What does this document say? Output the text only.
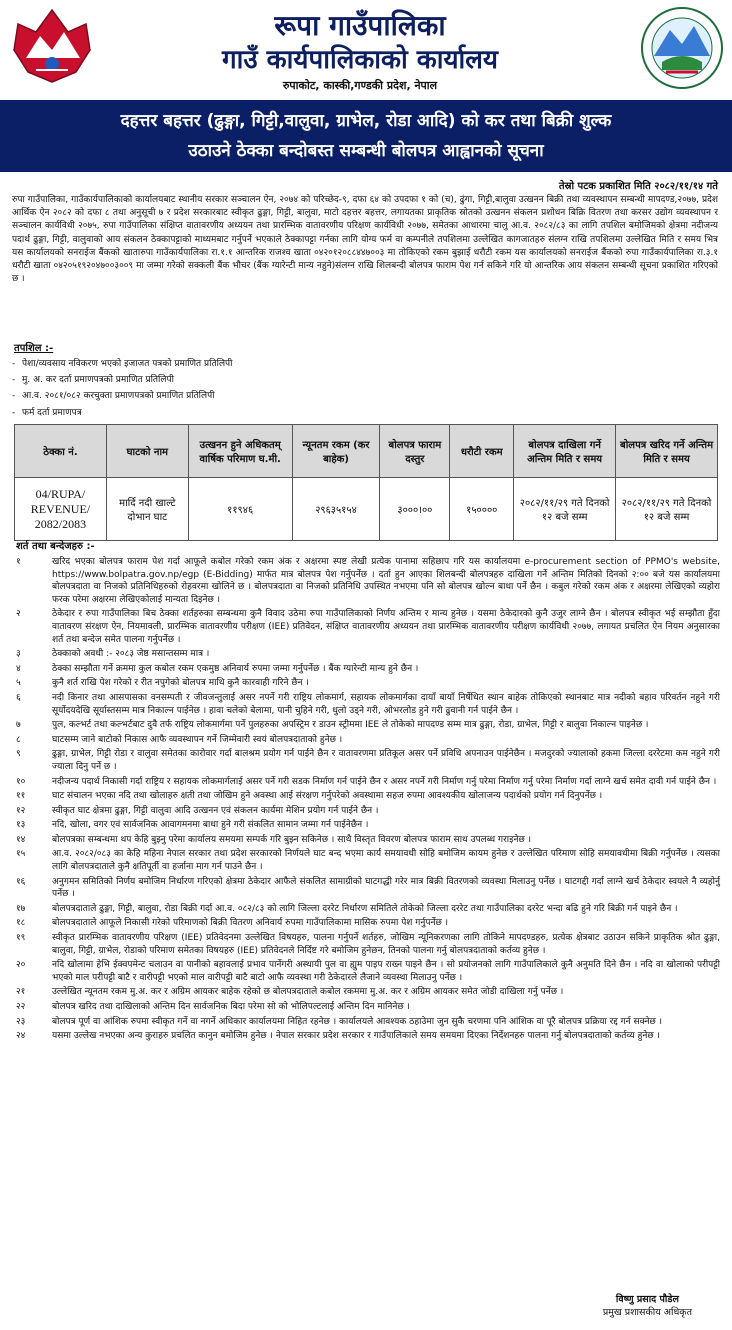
रूपा गाउँपालिका
गाउँ कार्यपालिकाको कार्यालय
रुपाकोट, कास्की,गण्डकी प्रदेश, नेपाल
दहत्तर बहत्तर (ढुङ्गा, गिट्टी,वालुवा, ग्राभेल, रोडा आदि) को कर तथा बिक्री शुल्क
उठाउने ठेक्का बन्दोबस्त सम्बन्धी बोलपत्र आह्वानको सूचना
तेस्रो पटक प्रकाशित मिति २०८२/११/१४ गते
रुपा गाउँपालिका, गाउँकार्यपालिकाको कार्यालयबाट स्थानीय सरकार सञ्चालन ऐन, २०७४ को परिच्छेद-९, दफा ६४ को उपदफा १ को (च), ढुंगा, गिट्टी,बालुवा उत्खनन बिक्री तथा व्यवस्थापन सम्बन्धी मापदण्ड,२०७७, प्रदेश आर्थिक ऐन २०८२ को दफा ८ तथा अनुसूची ७ र प्रदेश सरकारबाट स्वीकृत ढुङ्गा, गिट्टी, बालुवा, माटो दहत्तर बहत्तर, लगायतका प्राकृतिक स्रोतको उत्खनन संकलन प्रशोधन बिक्रि वितरण तथा करसर उद्योग व्यवस्थापन र सञ्चालन कार्यविधी २०७५, रुपा गाउँपालिका संक्षिप्त वातावरणीय अध्ययन तथा प्रारम्भिक वातावरणीय परिक्षण कार्यविधी २०७७, समेतका आधारमा चालु आ.व. २०८२/८३ का लागि तपशिल बमोजिमको क्षेत्रमा नदीजन्य पदार्थ ढुङ्गा, गिट्टी, वालुवाको आय संकलन ठेक्कापट्टाको माध्यमबाट गर्नुपर्ने भएकाले ठेक्कापट्टा गर्नका लागि योग्य फर्म वा कम्पनीले तपशिलमा उल्लेखित कागजातहरु संलग्न राखि तपशिलमा उल्लेखित मिति र समय भित्र यस कार्यालयको सनराईज बैंकको खातारुपा गाउँकार्यपालिका रा.१.१ आन्तरिक राजश्व खाता ०४२०१२०८८४४७००३ मा तोकिएको रकम बुझाई धरौटी रकम यस कार्यालयको सनराईज बैंकको रुपा गाउँकार्यपालिका रा.३.१ धरौटी खाता ०४२०५१९२०४७००३००९ मा जम्मा गरेको सक्कली बैंक भौचर (बैंक ग्यारेन्टी मान्य नहुने)संलग्न राखि शिलबन्दी बोलपत्र फाराम पेश गर्न सकिने गरि यो आन्तरिक आय संकलन सम्बन्धी सूचना प्रकाशित गरिएको छ ।
तपशिल :-
- पेशा/व्यवसाय नविकरण भएको इजाजत पत्रको प्रमाणित प्रतिलिपी
- मु. अ. कर दर्ता प्रमाणपत्रको प्रमाणित प्रतिलिपी
- आ.व. २०८१/०८२ करचुक्ता प्रमाणपत्रको प्रमाणित प्रतिलिपी
- फर्म दर्ता प्रमाणपत्र
ठेक्का नं.	घाटको नाम	उत्खनन हुने अधिकतम् वार्षिक परिमाण घ.मी.	न्यूनतम रकम (कर बाहेक)	बोलपत्र फाराम दस्तुर	धरौटी रकम	बोलपत्र दाखिला गर्ने अन्तिम मिति र समय	बोलपत्र खरिद गर्ने अन्तिम मिति र समय
04/RUPA/ REVENUE/ 2082/2083	मार्दि नदी खाल्टे दोभान घाट	११९४६	२९६३५१५४	३०००।००	१५००००	२०८२/११/२९ गते दिनको १२ बजे सम्म	२०८२/११/२९ गते दिनको १२ बजे सम्म
शर्त तथा बन्देजहरु :-
१	खरिद भएका बोलपत्र फाराम पेश गर्दा आफूले कबोल गरेको रकम अंक र अक्षरमा स्पष्ट लेखी प्रत्येक पानामा सहिछाप गरि यस कार्यालयमा e-procurement section of PPMO's website, https://www.bolpatra.gov.np/egp (E-Bidding) मार्फत मात्र बोलपत्र पेश गर्नुपर्नेछ । दर्ता हुन आएका शिलबन्दी बोलपत्रहरु दाखिला गर्ने अन्तिम मितिको दिनको २:०० बजे यस कार्यालयमा बोलपत्रदाता वा निजको प्रतिनिधिहरुको रोहवरमा खोलिने छ । बोलपत्रदाता वा निजको प्रतिनिधि उपस्थित नभएमा पनि सो बोलपत्र खोल्न बाधा पर्ने छैन । कबुल गरेको रकम अंक र अक्षरमा लेखिएको व्यहोरा फरक परेमा अक्षरमा लेखिएकोलाई मान्यता दिइनेछ ।
२	ठेकेदार र रुपा गाउँपालिका बिच ठेक्का शर्तहरुका सम्बन्धमा कुनै विवाद उठेमा रुपा गाउँपालिकाको निर्णय अन्तिम र मान्य हुनेछ । यसमा ठेकेदारको कुनै उजुर लाग्ने छैन । बोलपत्र स्वीकृत भई सम्झौता हुँदा वातावरण संरक्षण ऐन, नियमावली, प्रारम्भिक वातावरणीय परीक्षण (IEE) प्रतिवेदन, संक्षिप्त वातावरणीय अध्ययन तथा प्रारम्भिक वातावरणीय परीक्षण कार्यविधी २०७७, लगायत प्रचलित ऐन नियम अनुसारका शर्त तथा बन्देज समेत पालना गर्नुपर्नेछ ।
३	ठेक्काको अवधी :- २०८३ जेष्ठ मसान्तसम्म मात्र ।
४	ठेक्का सम्झौता गर्ने क्रममा कुल कबोल रकम एकमुष्ठ अनिवार्य रुपमा जम्मा गर्नुपर्नेछ । बैंक ग्यारेन्टी मान्य हुने छैन ।
५	कुनै शर्त राखि पेश गरेको र रीत नपुगेको बोलपत्र माथि कुनै कारवाही गरिने छैन ।
६	नदी किनार तथा आसपासका वनसम्पती र जीवजन्तुलाई असर नपर्ने गरी राष्ट्रिय लोकमार्ग, सहायक लोकमार्गका दायाँ बायाँ निर्षेधित स्थान बाहेक तोकिएको स्थानबाट मात्र नदीको बहाव परिवर्तन नहुने गरी सूर्योदयदेखि सूर्यास्तसम्म मात्र निकाल्न पाईनेछ । हावा चलेको बेलामा, पानी चुहिने गरी, धुलो उड्ने गरी, ओभरलोड हुने गरी ढुवानी गर्न पाईने छैन ।
७	पुल, कल्भर्ट तथा कल्भर्टबाट दुवै तर्फ राष्ट्रिय लोकमार्गमा पर्ने पुलहरुका अपस्ट्रिम र डाउन स्ट्रीममा IEE ले तोकेको मापदण्ड सम्म मात्र ढुङ्गा, रोडा, ग्राभेल, गिट्टी र बालुवा निकाल्न पाइनेछ ।
८	घाटसम्म जाने बाटोको निकास आफै व्यवस्थापन गर्ने जिम्मेवारी स्वयं बोलपत्रदाताको हुनेछ ।
९	ढुङ्गा, ग्राभेल, गिट्टी रोडा र वालुवा समेतका कारोवार गर्दा बालश्रम प्रयोग गर्न पाईने छैन र वातावरणमा प्रतिकूल असर पर्ने प्रविधि अपनाउन पाईनेछैन । मजदुरको ज्यालाको हकमा जिल्ला दररेटमा कम नहुने गरी ज्याला दिनु पर्ने छ ।
१०	नदीजन्य पदार्थ निकासी गर्दा राष्ट्रिय र सहायक लोकमार्गलाई असर पर्ने गरी सडक निर्माण गर्न पाईने छैन र असर नपर्ने गरी निर्माण गर्नु परेमा निर्माण गर्नु परेमा निर्माण गर्दा लाग्ने खर्च समेत दावी गर्न पाईने छैन ।
११	घाट संचालन भएका नदि तथा खोलाहरु क्षती तथा जोखिम हुने अवस्था आई संरक्षण गर्नुपरेको अवस्थामा सहज रुपमा आवश्यकीय खोलाजन्य पदार्थको प्रयोग गर्न दिनुपर्नेछ ।
१२	स्वीकृत घाट क्षेत्रमा ढुङ्गा, गिट्टी वालुवा आदि उत्खनन एवं संकलन कार्यमा मेशिन प्रयोग गर्न पाईने छैन ।
१३	नदि, खोला, वगर एवं सार्वजनिक आवागमनमा बाधा हुने गरी संकलित सामान जम्मा गर्न पाईनेछैन ।
१४	बोलपत्रका सम्बन्धमा थप केहि बुझ्नु परेमा कार्यालय समयमा सम्पर्क गरि बुझ्न सकिनेछ । साथै विस्तृत विवरण बोलपत्र फाराम साथ उपलब्ध गराइनेछ ।
१५	आ.व. २०८२/०८३ का केहि महिना नेपाल सरकार तथा प्रदेश सरकारको निर्णयले घाट बन्द भएमा कार्य समयावधी सोहि बमोजिम कायम हुनेछ र उल्लेखित परिमाण सोहि समयावधीमा बिक्री गर्नुपर्नेछ । त्यसका लागि बोलपत्रदाताले कुनै क्षतिपूर्ती वा हर्जाना माग गर्न पाउने छैन ।
१६	अनुगमन समितिको निर्णय बमोजिम निर्धारण गरिएको क्षेत्रमा ठेकेदार आफैले संकलित सामाग्रीको घाटगद्धी गरेर मात्र बिक्री वितरणको व्यवस्था मिलाउनु पर्नेछ । घाटगद्दी गर्दा लाग्ने खर्च ठेकेदार स्वयले नै व्यहोर्नु पर्नेछ ।
१७	बोलपत्रदाताले ढुङ्गा, गिट्टी, बालुवा, रोडा बिक्री गर्दा आ.व. ०८२/८३ को लागि जिल्ला दररेट निर्धारण समितिले तोकेको जिल्ला दररेट तथा गाउँपालिका दररेट भन्दा बढि हुने गरि बिक्री गर्न पाइने छैन ।
१८	बोलपत्रदाताले आफूले निकासी गरेको परिमाणको बिक्री वितरण अनिवार्य रुपमा गाउँपालिकामा मासिक रुपमा पेश गर्नुपर्नेछ ।
१९	स्वीकृत प्रारम्भिक वातावरणीय परिक्षण (IEE) प्रतिवेदनमा उल्लेखित विषयहरु, पालना गर्नुपर्ने शर्तहरु, जोखिम न्यूनिकरणका लागि तोकिने मापदण्डहरु, प्रत्येक क्षेत्रबाट उठाउन सकिने प्राकृतिक श्रोत ढुङ्गा, बालुवा, गिट्टी, ग्राभेल, रोडाको परिमाण समेतका विषयहरु (IEE) प्रतिवेदनले निर्दिष्ट गरे बमोजिम हुनेछन, तिनको पालना गर्नु बोलपत्रदाताको कर्तव्य हुनेछ ।
२०	नदि खोलामा हेभि ईक्वपमेन्ट चलाउन वा पानीको बहावलाई प्रभाव पार्नेगरी अस्थायी पुल वा ह्युम पाइप राख्न पाइने छैन । सो प्रयोजनको लागि गाउँपालिकाले कुनै अनुमति दिने छैन । नदि वा खोलाको परीपट्टी भएको माल परीपट्टी बाटै र वारीपट्टी भएको माल वारीपट्टी बाटै बाटो आफै व्यवस्था गरी ठेकेदारले लैजाने व्यवस्था मिलाउनु पर्नेछ ।
२१	उल्लेखित न्यूनतम रकम मु.अ. कर र अग्रिम आयकर बाहेक रहेको छ बोलपत्रदाताले कबोल रकममा मु.अ. कर र अग्रिम आयकर समेत जोडी दाखिला गर्नु पर्नेछ ।
२२	बोलपत्र खरिद तथा दाखिलाको अन्तिम दिन सार्वजनिक बिदा परेमा सो को भोलिपल्टलाई अन्तिम दिन मानिनेछ ।
२३	बोलपत्र पूर्ण वा आंशिक रुपमा स्वीकृत गर्ने वा नगर्ने अधिकार कार्यालयमा निहित रहनेछ । कार्यालयले आवश्यक ठहाउेमा जुन सुकै चरणमा पनि आंशिक वा पूरै बोलपत्र प्रक्रिया रद्द गर्न सक्नेछ ।
२४	यसमा उल्लेख नभएका अन्य कुराहरु प्रचलित कानुन बमोजिम हुनेछ । नेपाल सरकार प्रदेश सरकार र गाउँपालिकाले समय समयमा दिएका निर्देशनहरु पालना गर्नु बोलपत्रदाताको कर्तव्य हुनेछ ।
विष्णु प्रसाद पौडेल
प्रमुख प्रशासकीय अधिकृत
